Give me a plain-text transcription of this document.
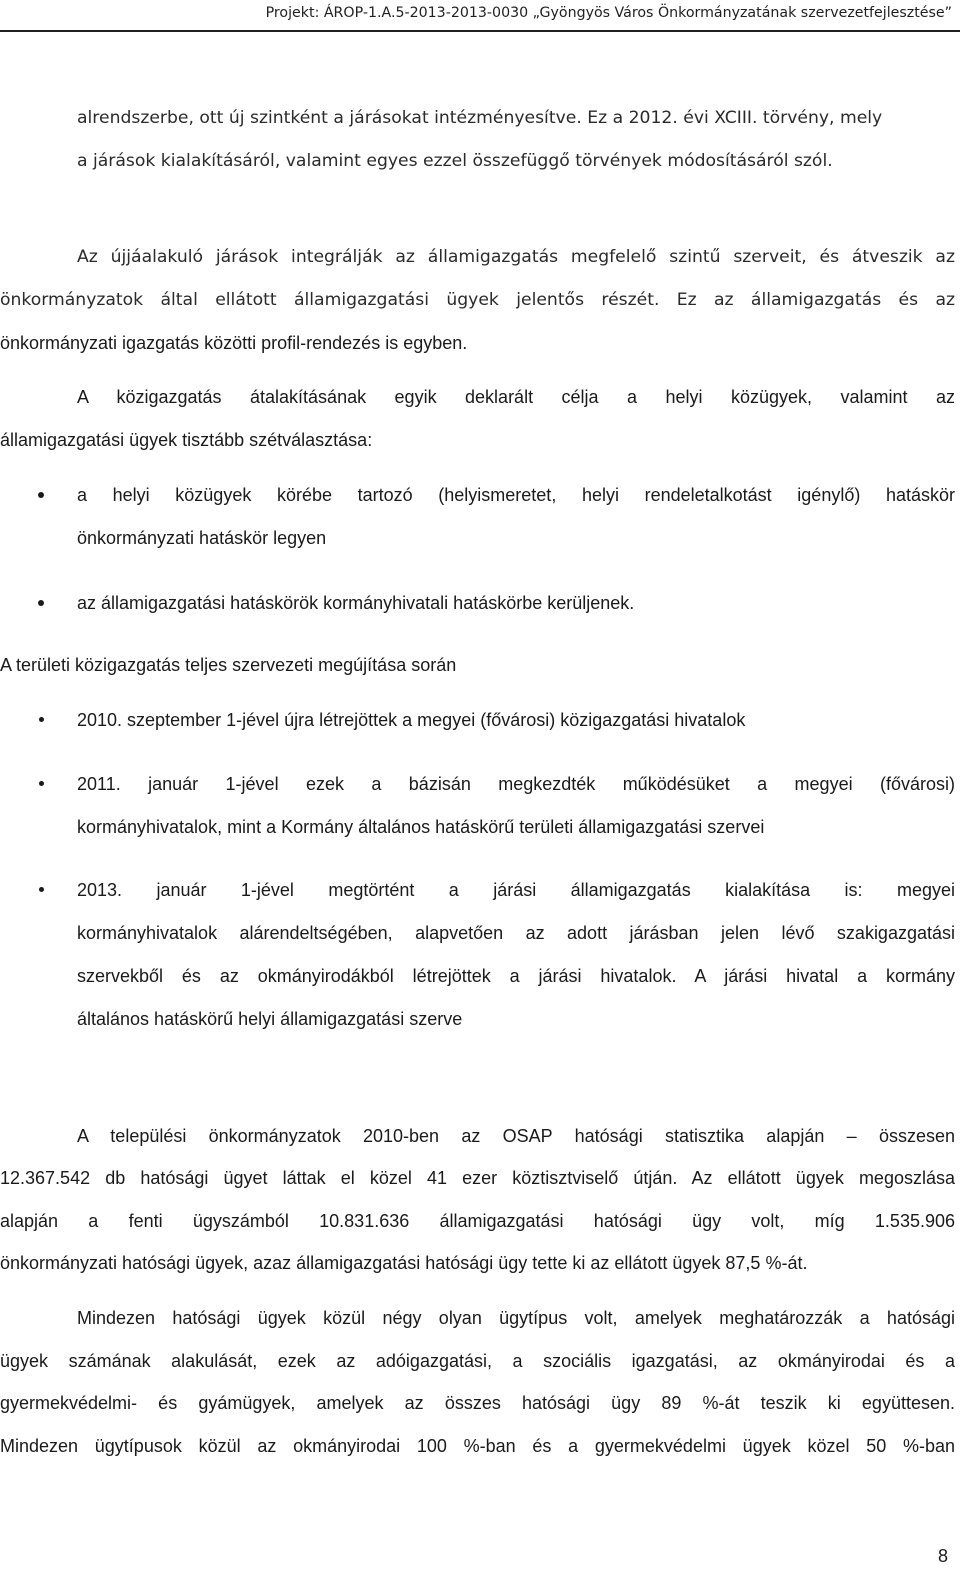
Projekt: ÁROP-1.A.5-2013-2013-0030 „Gyöngyös Város Önkormányzatának szervezetfejlesztése”
alrendszerbe, ott új szintként a járásokat intézményesítve. Ez a 2012. évi XCIII. törvény, mely
a járások kialakításáról, valamint egyes ezzel összefüggő törvények módosításáról szól.
Az újjáalakuló járások integrálják az államigazgatás megfelelő szintű szerveit, és átveszik az
önkormányzatok által ellátott államigazgatási ügyek jelentős részét. Ez az államigazgatás és az
önkormányzati igazgatás közötti profil-rendezés is egyben.
A közigazgatás átalakításának egyik deklarált célja a helyi közügyek, valamint az
államigazgatási ügyek tisztább szétválasztása:
a helyi közügyek körébe tartozó (helyismeretet, helyi rendeletalkotást igénylő) hatáskör
önkormányzati hatáskör legyen
az államigazgatási hatáskörök kormányhivatali hatáskörbe kerüljenek.
A területi közigazgatás teljes szervezeti megújítása során
2010. szeptember 1-jével újra létrejöttek a megyei (fővárosi) közigazgatási hivatalok
2011. január 1-jével ezek a bázisán megkezdték működésüket a megyei (fővárosi)
kormányhivatalok, mint a Kormány általános hatáskörű területi államigazgatási szervei
2013. január 1-jével megtörtént a járási államigazgatás kialakítása is: megyei
kormányhivatalok alárendeltségében, alapvetően az adott járásban jelen lévő szakigazgatási
szervekből és az okmányirodákból létrejöttek a járási hivatalok. A járási hivatal a kormány
általános hatáskörű helyi államigazgatási szerve
A települési önkormányzatok 2010-ben az OSAP hatósági statisztika alapján – összesen
12.367.542 db hatósági ügyet láttak el közel 41 ezer köztisztviselő útján. Az ellátott ügyek megoszlása
alapján a fenti ügyszámból 10.831.636 államigazgatási hatósági ügy volt, míg 1.535.906
önkormányzati hatósági ügyek, azaz államigazgatási hatósági ügy tette ki az ellátott ügyek 87,5 %-át.
Mindezen hatósági ügyek közül négy olyan ügytípus volt, amelyek meghatározzák a hatósági
ügyek számának alakulását, ezek az adóigazgatási, a szociális igazgatási, az okmányirodai és a
gyermekvédelmi- és gyámügyek, amelyek az összes hatósági ügy 89 %-át teszik ki együttesen.
Mindezen ügytípusok közül az okmányirodai 100 %-ban és a gyermekvédelmi ügyek közel 50 %-ban
8
